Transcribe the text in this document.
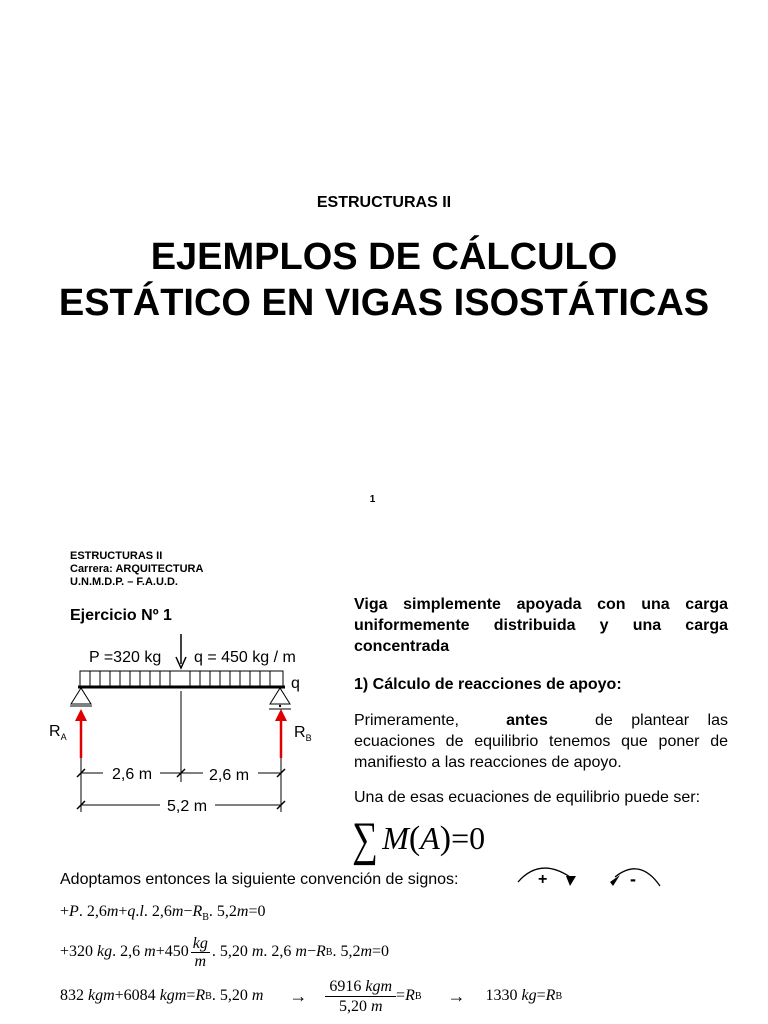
ESTRUCTURAS II
EJEMPLOS DE CÁLCULO
ESTÁTICO EN VIGAS ISOSTÁTICAS
1
ESTRUCTURAS II
Carrera: ARQUITECTURA
U.N.M.D.P. – F.A.U.D.
Ejercicio Nº 1
P =320 kg q = 450 kg / m
q
$R_A$	$R_B$
2,6 m	2,6 m
5,2 m
Viga simplemente apoyada con una carga
uniformemente distribuida y una carga
concentrada
1) Cálculo de reacciones de apoyo:
Primeramente,	antes	de plantear las
ecuaciones de equilibrio tenemos que poner de
manifiesto a las reacciones de apoyo.
Una de esas ecuaciones de equilibrio puede ser:
∑ M(A)=0
Adoptamos entonces la siguiente convención de signos:	+	-
+P. 2,6m+q.l. $2,6m-R_B$. 5,2m=0
+320
kg . 2,6
m +450 kg
m
. 5,20
m . 2,6
m − R B . 5,2 m =0
832
kgm +6084
kgm = R B . 5,20
m → 6916 kgm
5,20 m
= R B → 1330
kg = R B
